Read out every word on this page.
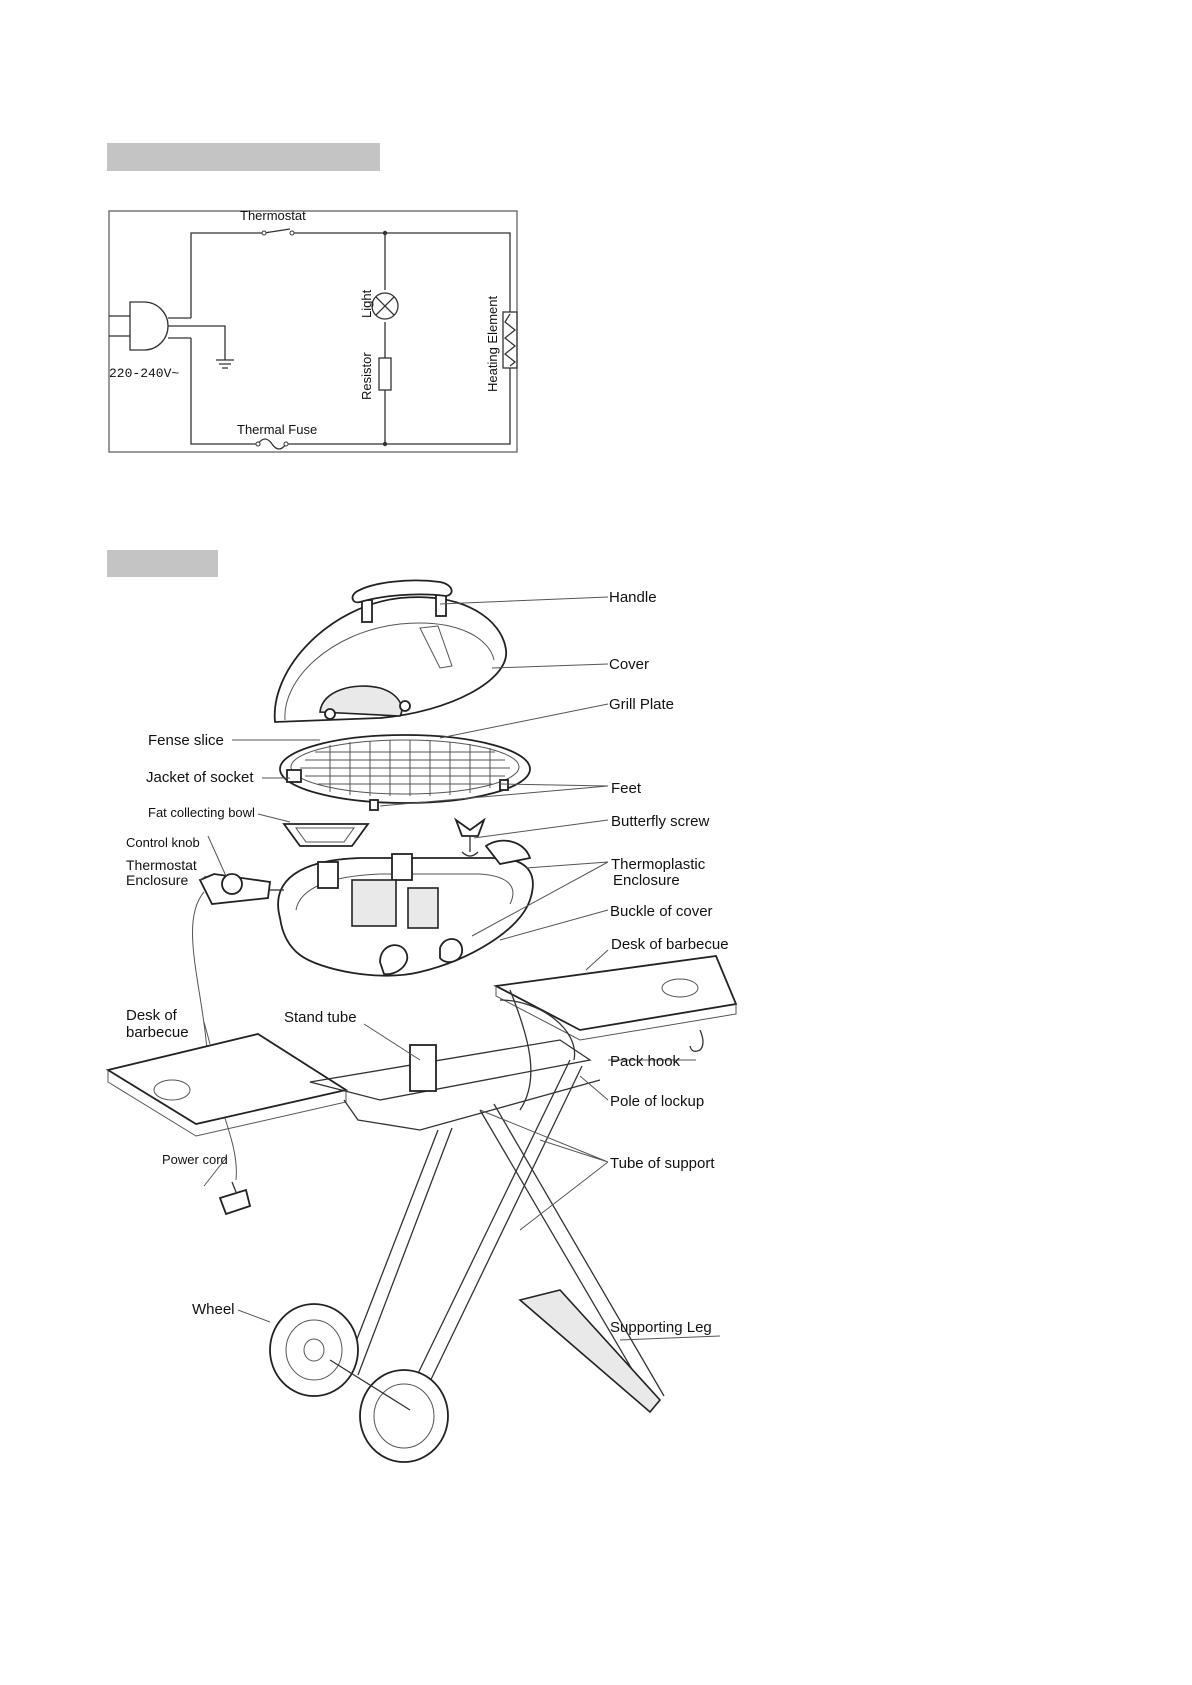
Thermostat
Light
Resistor	Heating Element
220-240V~
Thermal Fuse
Handle
Cover
Grill Plate
Fense slice
Jacket of socket
Feet
Fat collecting bowl
Butterfly screw
Control knob
Thermostat
Enclosure
Thermoplastic
Enclosure
Buckle of cover
Desk of barbecue
Desk of
barbecue
Stand tube
Pack hook
Pole of lockup
Power cord	Tube of support
Wheel
Supporting Leg
